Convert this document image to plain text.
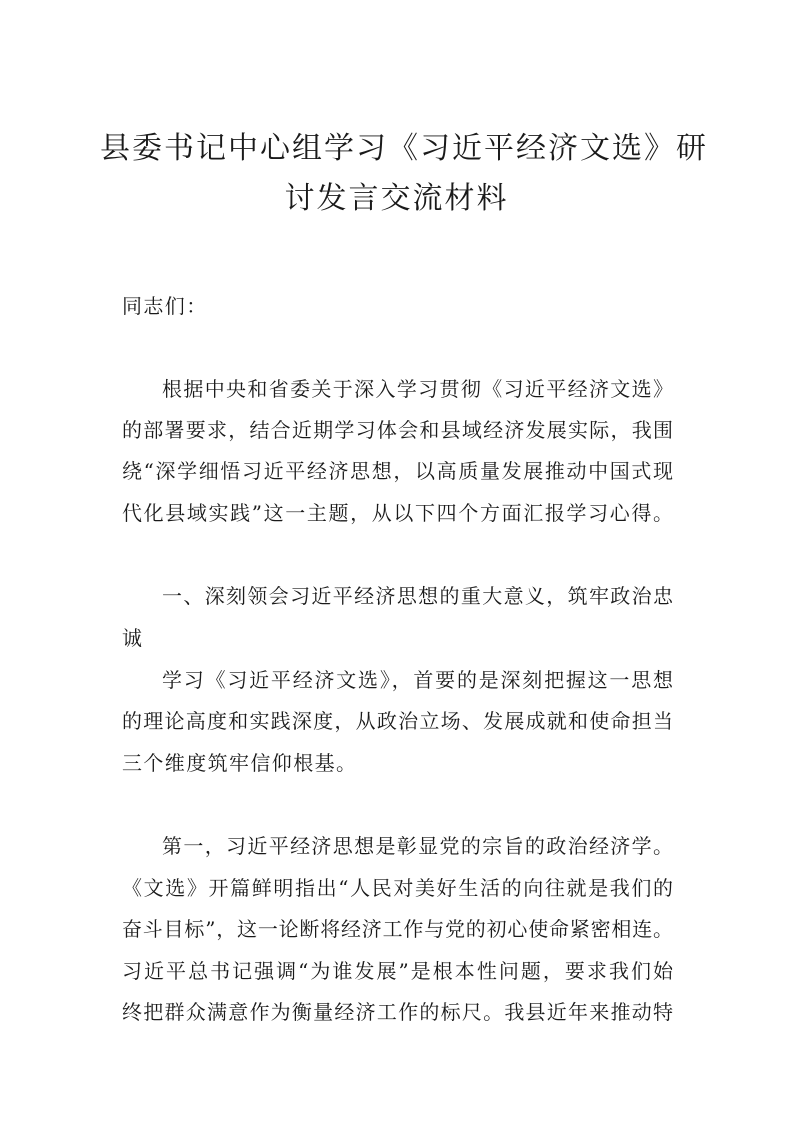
县委书记中心组学习《习近平经济文选》研
讨发言交流材料

同志们：

根据中央和省委关于深入学习贯彻《习近平经济文选》

的部署要求，结合近期学习体会和县域经济发展实际，我围

绕“深学细悟习近平经济思想，以高质量发展推动中国式现

代化县域实践”这一主题，从以下四个方面汇报学习心得。

一、深刻领会习近平经济思想的重大意义，筑牢政治忠

诚

学习《习近平经济文选》，首要的是深刻把握这一思想

的理论高度和实践深度，从政治立场、发展成就和使命担当

三个维度筑牢信仰根基。

第一，习近平经济思想是彰显党的宗旨的政治经济学。

《文选》开篇鲜明指出“人民对美好生活的向往就是我们的

奋斗目标”，这一论断将经济工作与党的初心使命紧密相连。

习近平总书记强调“为谁发展”是根本性问题，要求我们始

终把群众满意作为衡量经济工作的标尺。我县近年来推动特
